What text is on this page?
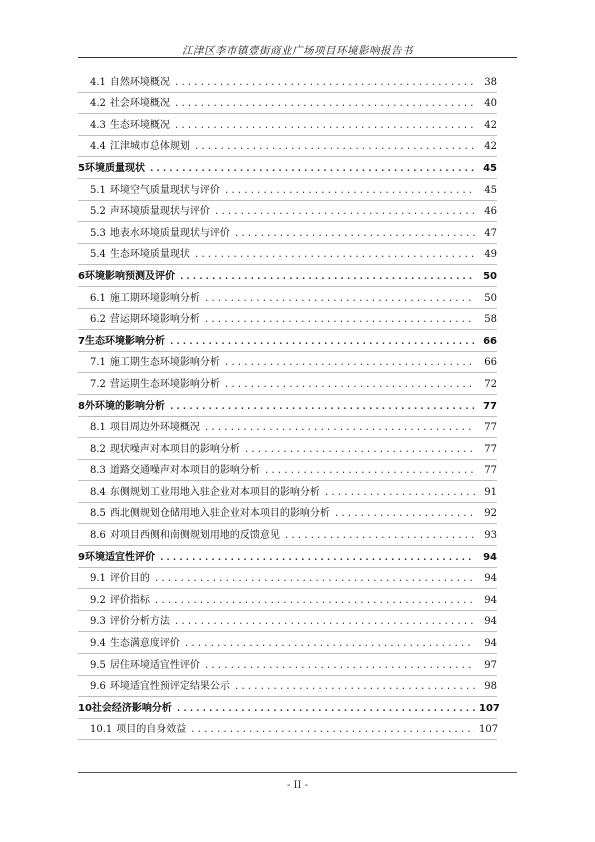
江津区李市镇壹街商业广场项目环境影响报告书
4.1 自然环境概况 .....	38
4.2 社会环境概况 .....	40
4.3 生态环境概况 .....	42
4.4 江津城市总体规划 .....	42
5 环境质量现状 .....	45
5.1 环境空气质量现状与评价 .....	45
5.2 声环境质量现状与评价 .....	46
5.3 地表水环境质量现状与评价 .....	47
5.4 生态环境质量现状 .....	49
6 环境影响预测及评价 .....	50
6.1 施工期环境影响分析 .....	50
6.2 营运期环境影响分析 .....	58
7 生态环境影响分析 .....	66
7.1 施工期生态环境影响分析 .....	66
7.2 营运期生态环境影响分析 .....	72
8 外环境的影响分析 .....	77
8.1 项目周边外环境概况 .....	77
8.2 现状噪声对本项目的影响分析 .....	77
8.3 道路交通噪声对本项目的影响分析 .....	77
8.4 东侧规划工业用地入驻企业对本项目的影响分析 .....	91
8.5 西北侧规划仓储用地入驻企业对本项目的影响分析 .....	92
8.6 对项目西侧和南侧规划用地的反馈意见 .....	93
9 环境适宜性评价 .....	94
9.1 评价目的 .....	94
9.2 评价指标 .....	94
9.3 评价分析方法 .....	94
9.4 生态满意度评价 .....	94
9.5 居住环境适宜性评价 .....	97
9.6 环境适宜性预评定结果公示 .....	98
10 社会经济影响分析 .....	107
10.1 项目的自身效益 .....	107
- II -
